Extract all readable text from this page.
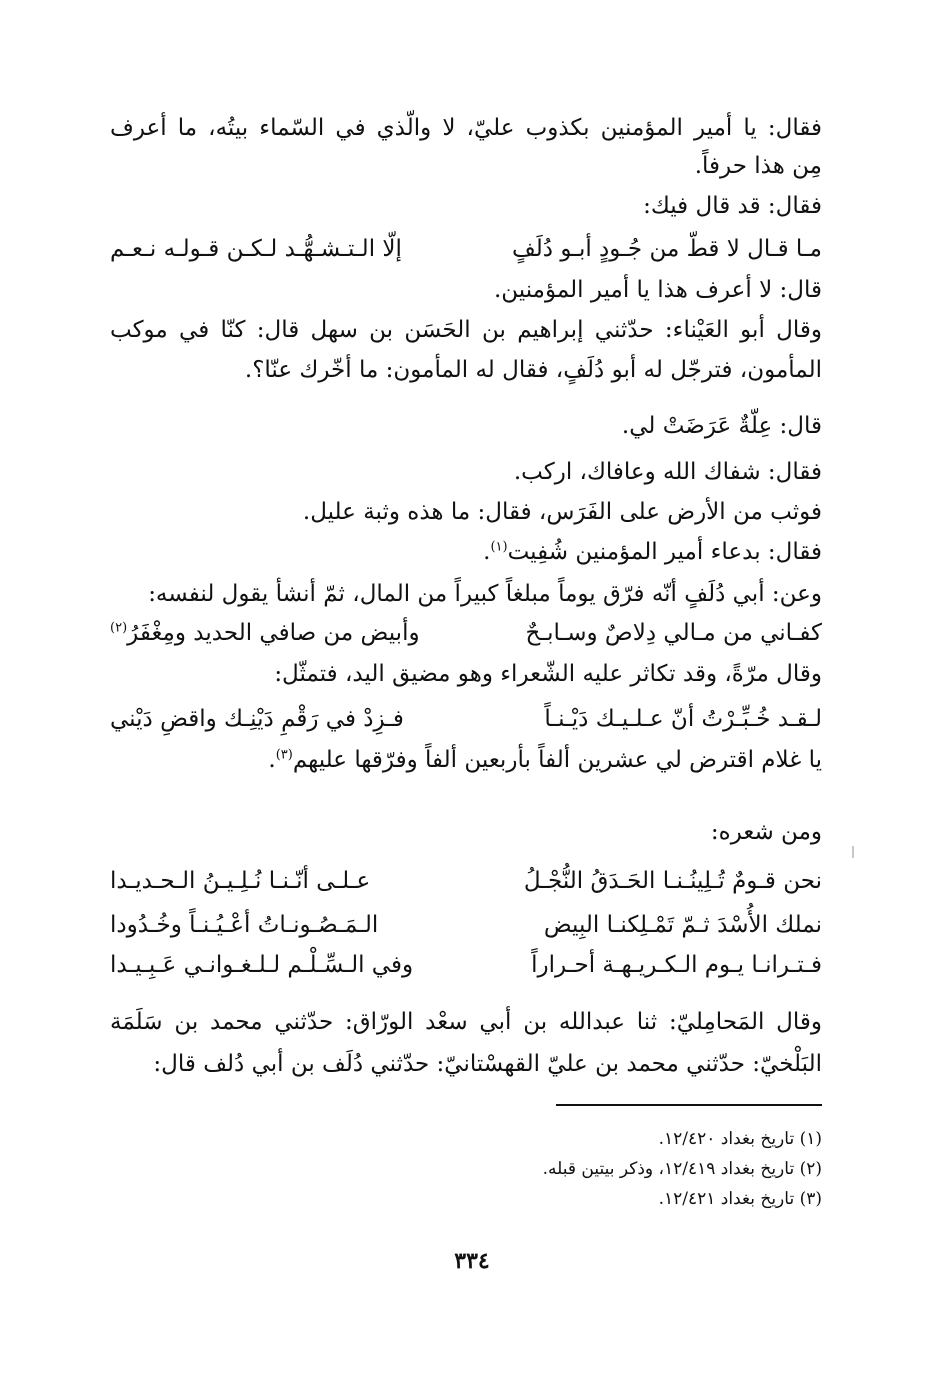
فقال: يا أمير المؤمنين بكذوب عليّ، لا والّذي في السّماء بيتُه، ما أعرف
مِن هذا حرفاً.
فقال: قد قال فيك:
مـا قـال لا قطّ من جُـودٍ أبـو دُلَفٍ
إلّا الـتـشـهُّـد لـكـن قـولـه نـعـم
قال: لا أعرف هذا يا أمير المؤمنين.
وقال أبو العَيْناء: حدّثني إبراهيم بن الحَسَن بن سهل قال: كنّا في موكب
المأمون، فترجّل له أبو دُلَفٍ، فقال له المأمون: ما أخّرك عنّا؟.
قال: عِلّةٌ عَرَضَتْ لي.
فقال: شفاك الله وعافاك، اركب.
فوثب من الأرض على الفَرَس، فقال: ما هذه وثبة عليل.
فقال: بدعاء أمير المؤمنين شُفِيت$^{(١)}$.
وعن: أبي دُلَفٍ أنّه فرّق يوماً مبلغاً كبيراً من المال، ثمّ أنشأ يقول لنفسه:
كفـاني من مـالي دِلاصٌ وسـابـحٌ
وأبيض من صافي الحديد ومِغْفَرُ$^{(٢)}$
وقال مرّةً، وقد تكاثر عليه الشّعراء وهو مضيق اليد، فتمثّل:
لـقـد خُـبِّـرْتُ أنّ عـلـيـك دَيْـنـاً
فـزِدْ في رَقْمِ دَيْنِـك واقضِ دَيْني
يا غلام اقترض لي عشرين ألفاً بأربعين ألفاً وفرّقها عليهم$^{(٣)}$.
ومن شعره:
نحن قـومٌ تُـلِينُـنـا الحَـدَقُ النُّجْـلُ
عـلـى أنّـنـا نُـلِـيـنُ الـحـديـدا
نملك الأُسْدَ ثـمّ تَمْـلِكنـا البِيض
الـمَـصُـونـاتُ أعْـيُـنـاً وخُـدُودا
فـتـرانـا يـوم الـكـريـهـة أحـراراً
وفي الـسِّـلْـم لـلـغـوانـي عَـبِـيـدا
وقال المَحامِليّ: ثنا عبدالله بن أبي سعْد الورّاق: حدّثني محمد بن سَلَمَة
البَلْخيّ: حدّثني محمد بن عليّ القهسْتانيّ: حدّثني دُلَف بن أبي دُلف قال:
(١) تاريخ بغداد ١٢/٤٢٠.
(٢) تاريخ بغداد ١٢/٤١٩، وذكر بيتين قبله.
(٣) تاريخ بغداد ١٢/٤٢١.
٣٣٤
